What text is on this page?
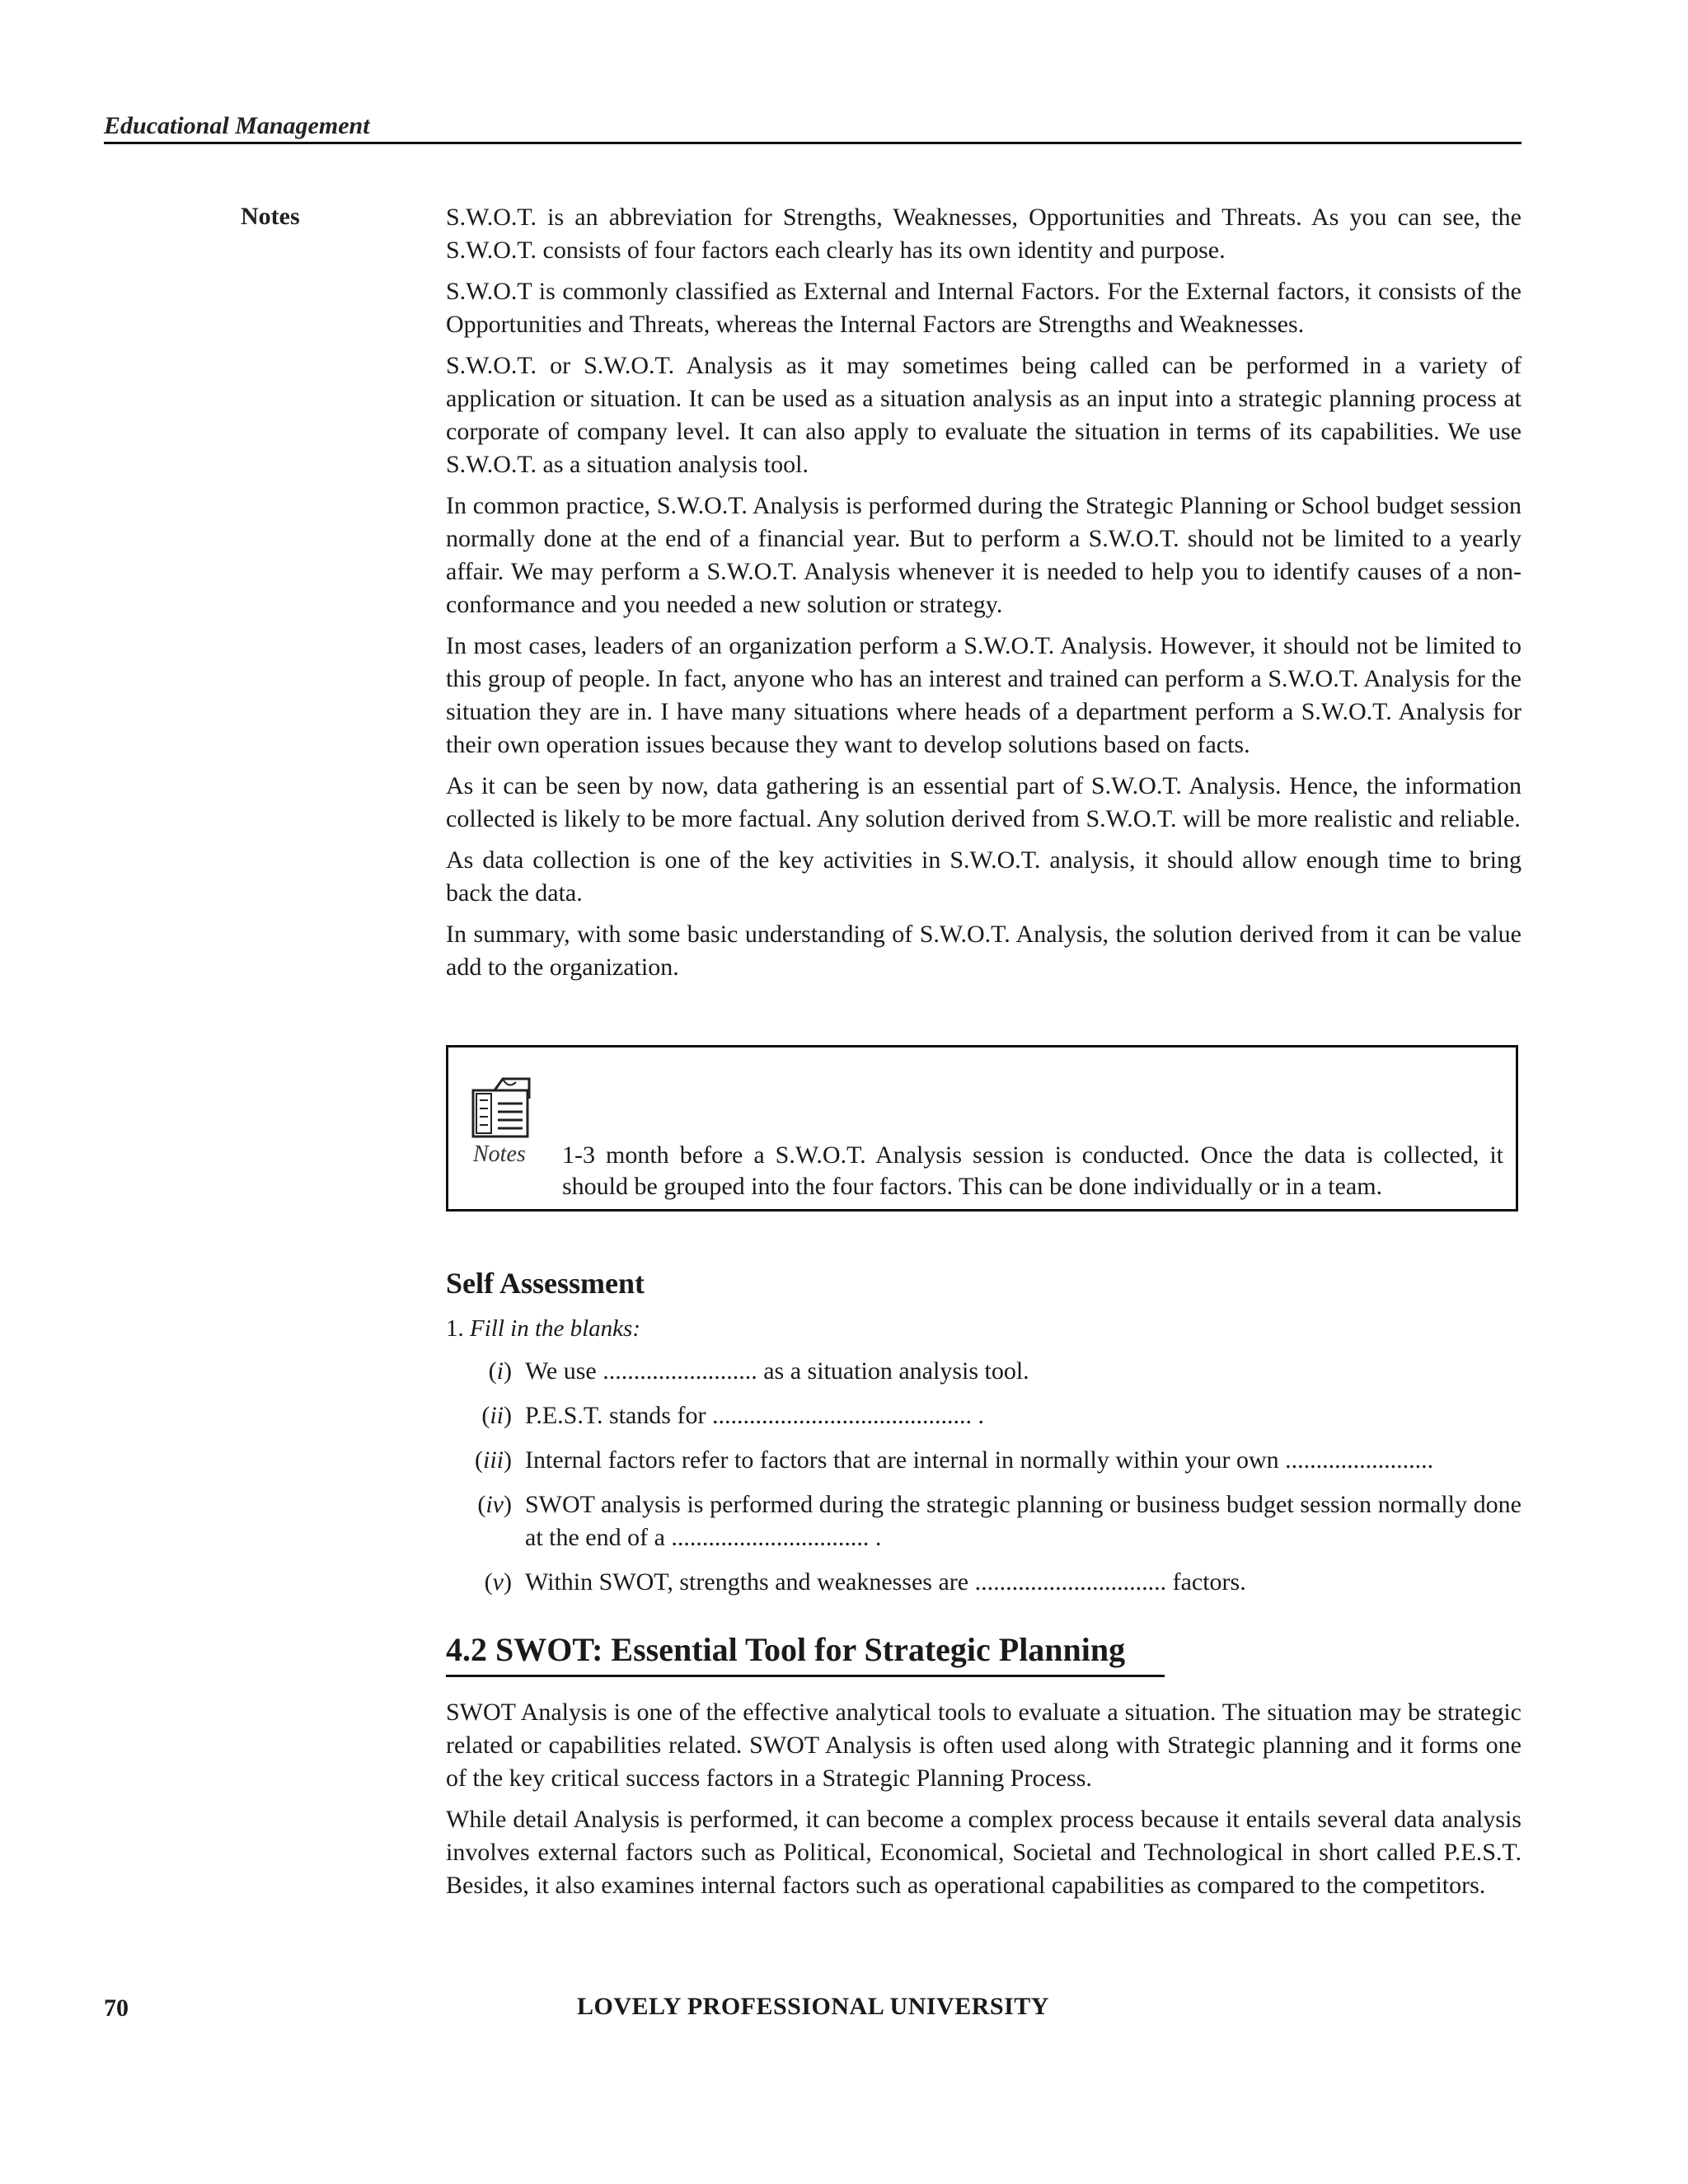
Educational Management
Notes	S.W.O.T. is an abbreviation for Strengths, Weaknesses, Opportunities and Threats. As you can see, the S.W.O.T. consists of four factors each clearly has its own identity and purpose.

S.W.O.T is commonly classified as External and Internal Factors. For the External factors, it consists of the Opportunities and Threats, whereas the Internal Factors are Strengths and Weaknesses.

S.W.O.T. or S.W.O.T. Analysis as it may sometimes being called can be performed in a variety of application or situation. It can be used as a situation analysis as an input into a strategic planning process at corporate of company level. It can also apply to evaluate the situation in terms of its capabilities. We use S.W.O.T. as a situation analysis tool.

In common practice, S.W.O.T. Analysis is performed during the Strategic Planning or School budget session normally done at the end of a financial year. But to perform a S.W.O.T. should not be limited to a yearly affair. We may perform a S.W.O.T. Analysis whenever it is needed to help you to identify causes of a non-conformance and you needed a new solution or strategy.

In most cases, leaders of an organization perform a S.W.O.T. Analysis. However, it should not be limited to this group of people. In fact, anyone who has an interest and trained can perform a S.W.O.T. Analysis for the situation they are in. I have many situations where heads of a department perform a S.W.O.T. Analysis for their own operation issues because they want to develop solutions based on facts.

As it can be seen by now, data gathering is an essential part of S.W.O.T. Analysis. Hence, the information collected is likely to be more factual. Any solution derived from S.W.O.T. will be more realistic and reliable.

As data collection is one of the key activities in S.W.O.T. analysis, it should allow enough time to bring back the data.

In summary, with some basic understanding of S.W.O.T. Analysis, the solution derived from it can be value add to the organization.

Notes 1-3 month before a S.W.O.T. Analysis session is conducted. Once the data is collected, it should be grouped into the four factors. This can be done individually or in a team.
Self Assessment
1. Fill in the blanks:
(i) We use ......................... as a situation analysis tool.
(ii) P.E.S.T. stands for .......................................... .
(iii) Internal factors refer to factors that are internal in normally within your own ........................
(iv) SWOT analysis is performed during the strategic planning or business budget session normally done at the end of a ................................ .
(v) Within SWOT, strengths and weaknesses are ............................... factors.
4.2 SWOT: Essential Tool for Strategic Planning

SWOT Analysis is one of the effective analytical tools to evaluate a situation. The situation may be strategic related or capabilities related. SWOT Analysis is often used along with Strategic planning and it forms one of the key critical success factors in a Strategic Planning Process.

While detail Analysis is performed, it can become a complex process because it entails several data analysis involves external factors such as Political, Economical, Societal and Technological in short called P.E.S.T. Besides, it also examines internal factors such as operational capabilities as compared to the competitors.

70	LOVELY PROFESSIONAL UNIVERSITY
